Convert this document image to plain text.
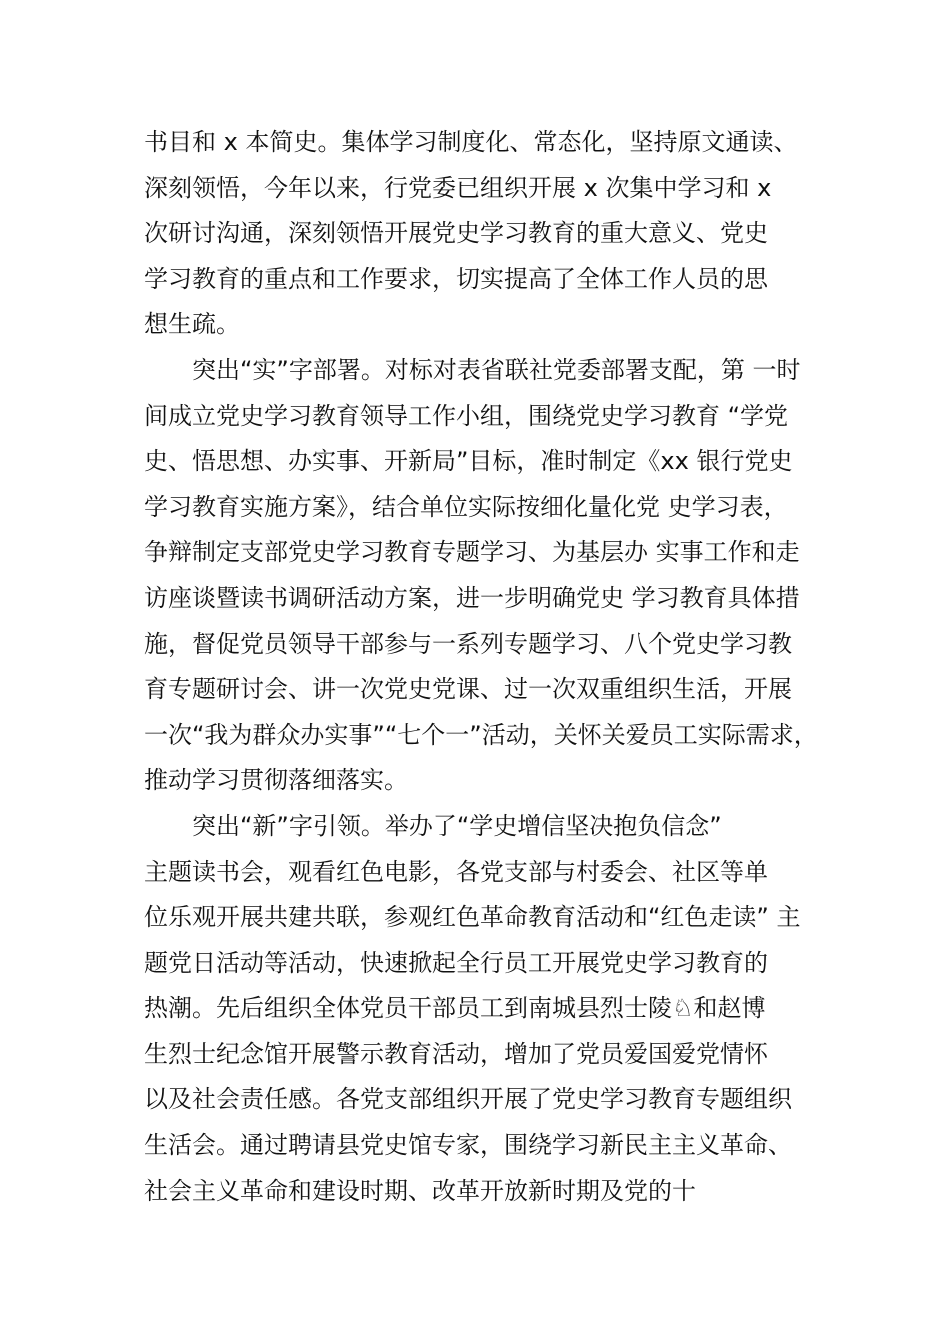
书目和 x 本简史。集体学习制度化、常态化，坚持原文通读、
深刻领悟，今年以来，行党委已组织开展 x 次集中学习和 x
次研讨沟通，深刻领悟开展党史学习教育的重大意义、党史
学习教育的重点和工作要求，切实提高了全体工作人员的思
想生疏。
突出“实”字部署。对标对表省联社党委部署支配，第 一时
间成立党史学习教育领导工作小组，围绕党史学习教育 “学党
史、悟思想、办实事、开新局”目标，准时制定《xx 银行党史
学习教育实施方案》，结合单位实际按细化量化党 史学习表，
争辩制定支部党史学习教育专题学习、为基层办 实事工作和走
访座谈暨读书调研活动方案，进一步明确党史 学习教育具体措
施，督促党员领导干部参与一系列专题学习、八个党史学习教
育专题研讨会、讲一次党史党课、过一次双重组织生活，开展
一次“我为群众办实事”“七个一”活动，关怀关爱员工实际需求，
推动学习贯彻落细落实。
突出“新”字引领。举办了“学史增信坚决抱负信念”
主题读书会，观看红色电影，各党支部与村委会、社区等单
位乐观开展共建共联，参观红色革命教育活动和“红色走读” 主
题党日活动等活动，快速掀起全行员工开展党史学习教育的
热潮。先后组织全体党员干部员工到南城县烈士陵♘和赵博
生烈士纪念馆开展警示教育活动，增加了党员爱国爱党情怀
以及社会责任感。各党支部组织开展了党史学习教育专题组织
生活会。通过聘请县党史馆专家，围绕学习新民主主义革命、
社会主义革命和建设时期、改革开放新时期及党的十
